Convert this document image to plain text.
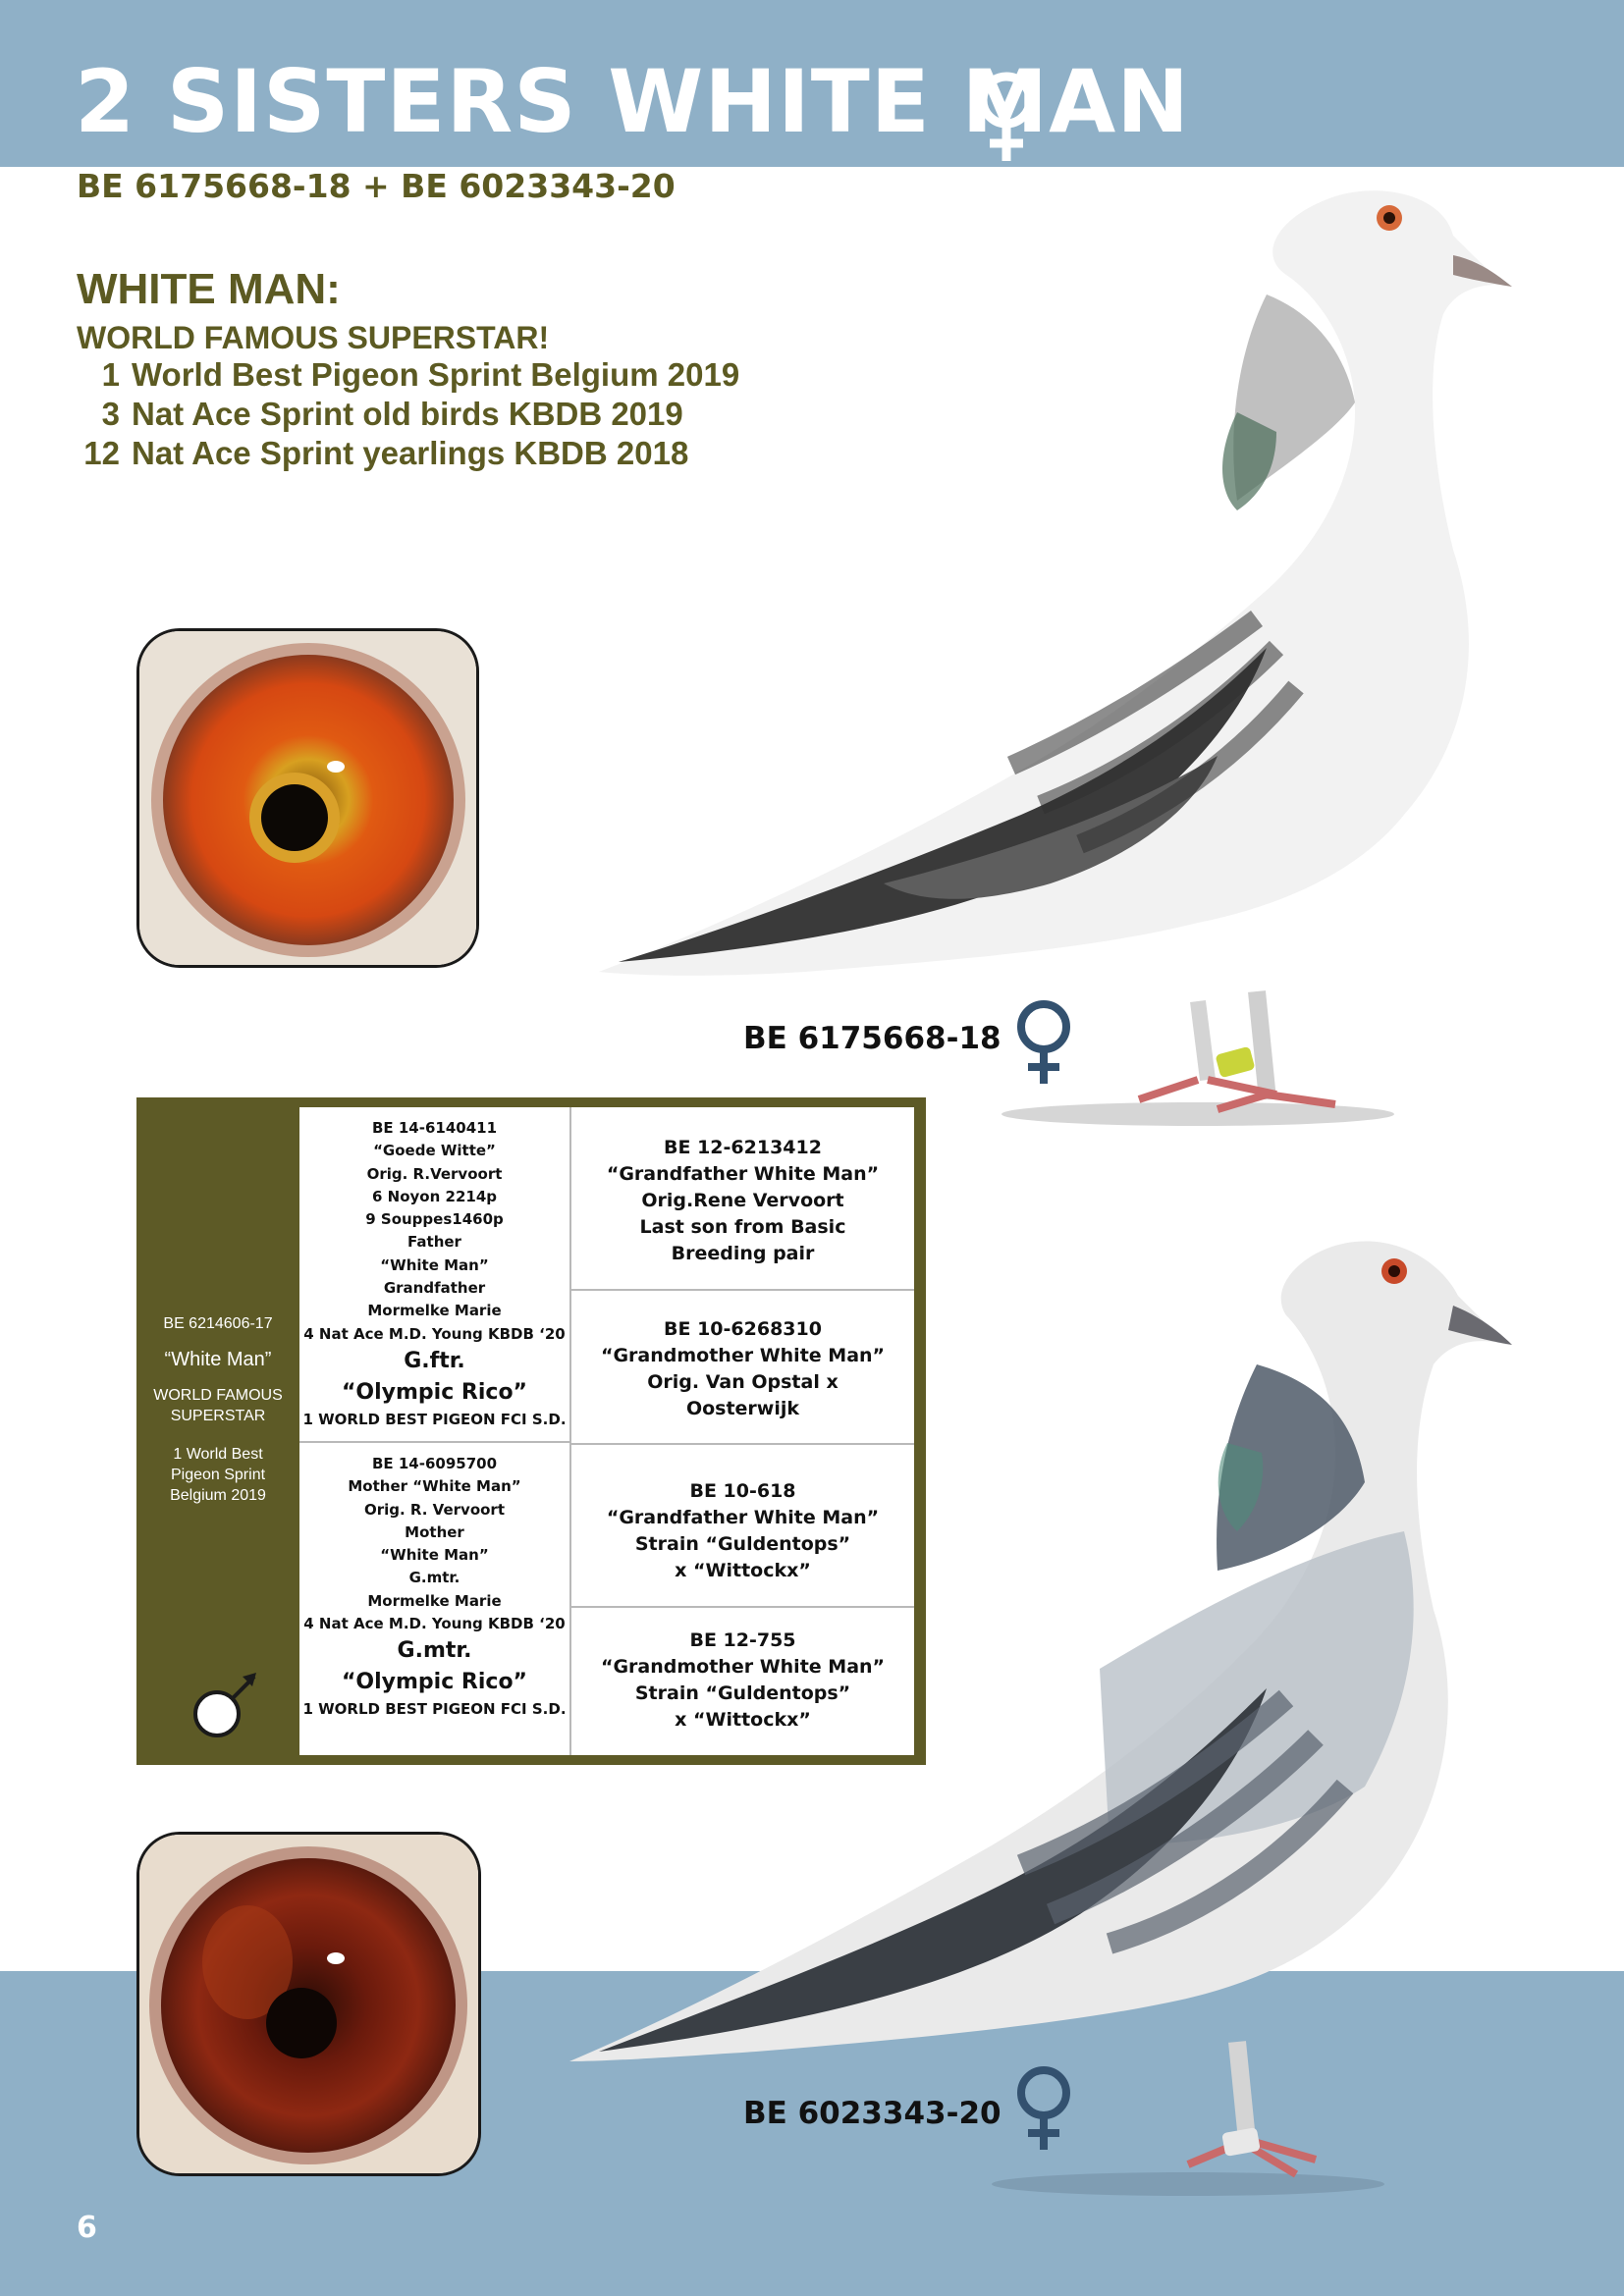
2 SISTERS WHITE MAN
BE 6175668-18 + BE 6023343-20
WHITE MAN:
WORLD FAMOUS SUPERSTAR!
1 World Best Pigeon Sprint Belgium 2019
3 Nat Ace Sprint old birds KBDB 2019
12 Nat Ace Sprint yearlings KBDB 2018
BE 6175668-18
BE 6023343-20
BE 6214606-17
“White Man”
WORLD FAMOUS
SUPERSTAR
1 World Best
Pigeon Sprint
Belgium 2019
BE 14-6140411
“Goede Witte”
Orig. R.Vervoort
6 Noyon 2214p
9 Souppes1460p
Father
“White Man”
Grandfather
Mormelke Marie
4 Nat Ace M.D. Young KBDB ‘20
G.ftr.
“Olympic Rico”
1 WORLD BEST PIGEON FCI S.D.
BE 14-6095700
Mother “White Man”
Orig. R. Vervoort
Mother
“White Man”
G.mtr.
Mormelke Marie
4 Nat Ace M.D. Young KBDB ‘20
G.mtr.
“Olympic Rico”
1 WORLD BEST PIGEON FCI S.D.
BE 12-6213412
“Grandfather White Man”
Orig.Rene Vervoort
Last son from Basic
Breeding pair
BE 10-6268310
“Grandmother White Man”
Orig. Van Opstal x
Oosterwijk
BE 10-618
“Grandfather White Man”
Strain “Guldentops”
x “Wittockx”
BE 12-755
“Grandmother White Man”
Strain “Guldentops”
x “Wittockx”
6
